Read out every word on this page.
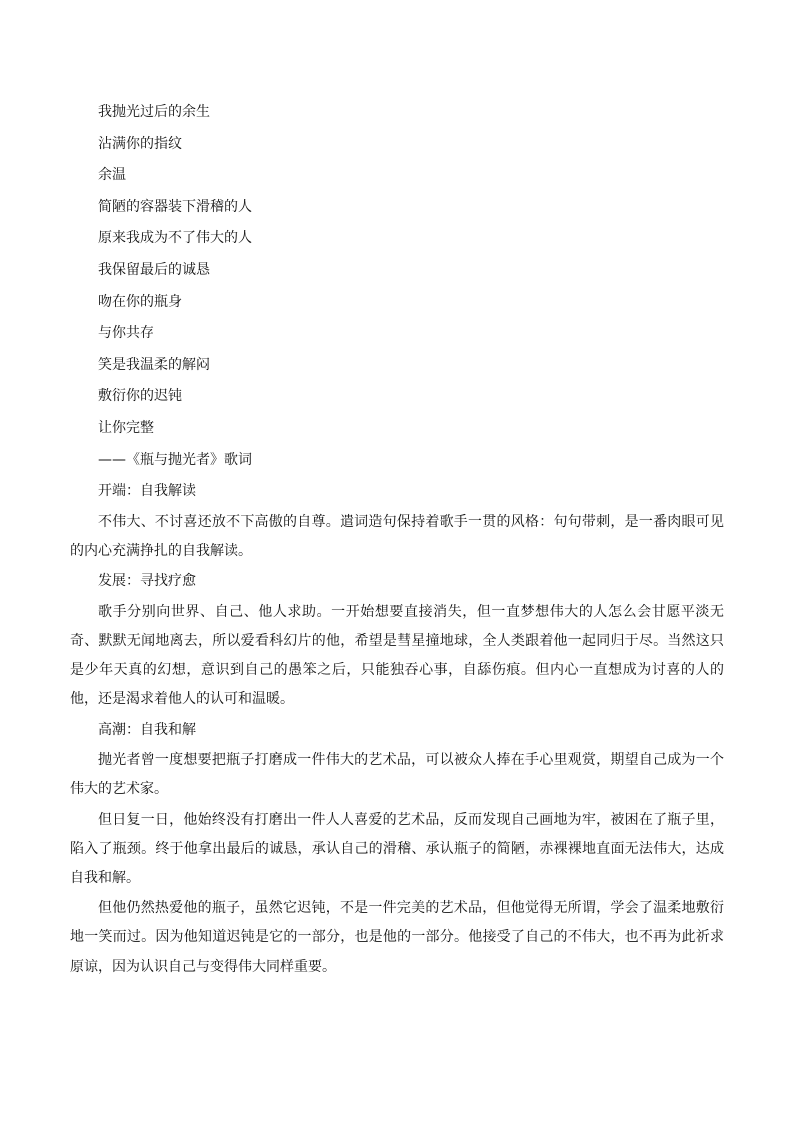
我抛光过后的余生
沾满你的指纹
余温
简陋的容器装下滑稽的人
原来我成为不了伟大的人
我保留最后的诚恳
吻在你的瓶身
与你共存
笑是我温柔的解闷
敷衍你的迟钝
让你完整
——《瓶与抛光者》歌词
开端：自我解读

不伟大、不讨喜还放不下高傲的自尊。遣词造句保持着歌手一贯的风格：句句带刺，是一番肉眼可见的内心充满挣扎的自我解读。

发展：寻找疗愈

歌手分别向世界、自己、他人求助。一开始想要直接消失，但一直梦想伟大的人怎么会甘愿平淡无奇、默默无闻地离去，所以爱看科幻片的他，希望是彗星撞地球，全人类跟着他一起同归于尽。当然这只是少年天真的幻想，意识到自己的愚笨之后，只能独吞心事，自舔伤痕。但内心一直想成为讨喜的人的他，还是渴求着他人的认可和温暖。

高潮：自我和解

抛光者曾一度想要把瓶子打磨成一件伟大的艺术品，可以被众人捧在手心里观赏，期望自己成为一个伟大的艺术家。

但日复一日，他始终没有打磨出一件人人喜爱的艺术品，反而发现自己画地为牢，被困在了瓶子里，陷入了瓶颈。终于他拿出最后的诚恳，承认自己的滑稽、承认瓶子的简陋，赤裸裸地直面无法伟大，达成自我和解。

但他仍然热爱他的瓶子，虽然它迟钝，不是一件完美的艺术品，但他觉得无所谓，学会了温柔地敷衍地一笑而过。因为他知道迟钝是它的一部分，也是他的一部分。他接受了自己的不伟大，也不再为此祈求原谅，因为认识自己与变得伟大同样重要。
